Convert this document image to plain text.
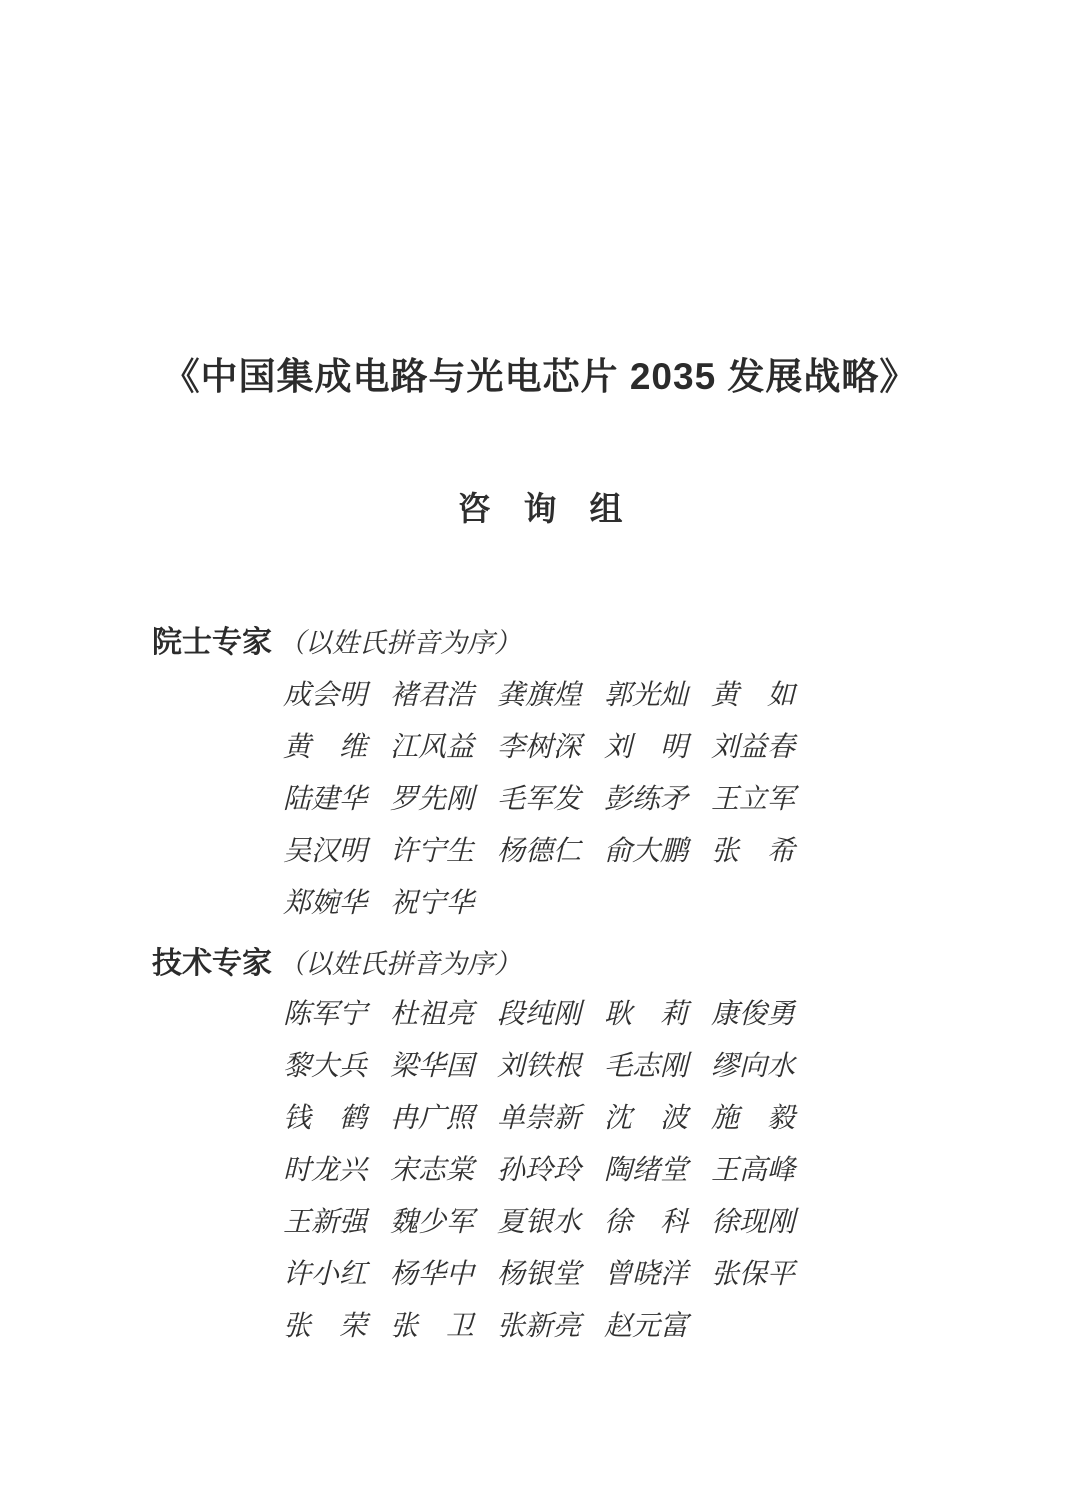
《中国集成电路与光电芯片 2035 发展战略》
咨　询　组
院士专家 （以姓氏拼音为序）
成会明 褚君浩 龚旗煌 郭光灿 黄　如
黄　维 江风益 李树深 刘　明 刘益春
陆建华 罗先刚 毛军发 彭练矛 王立军
吴汉明 许宁生 杨德仁 俞大鹏 张　希
郑婉华 祝宁华
技术专家 （以姓氏拼音为序）
陈军宁 杜祖亮 段纯刚 耿　莉 康俊勇
黎大兵 梁华国 刘铁根 毛志刚 缪向水
钱　鹤 冉广照 单崇新 沈　波 施　毅
时龙兴 宋志棠 孙玲玲 陶绪堂 王高峰
王新强 魏少军 夏银水 徐　科 徐现刚
许小红 杨华中 杨银堂 曾晓洋 张保平
张　荣 张　卫 张新亮 赵元富
